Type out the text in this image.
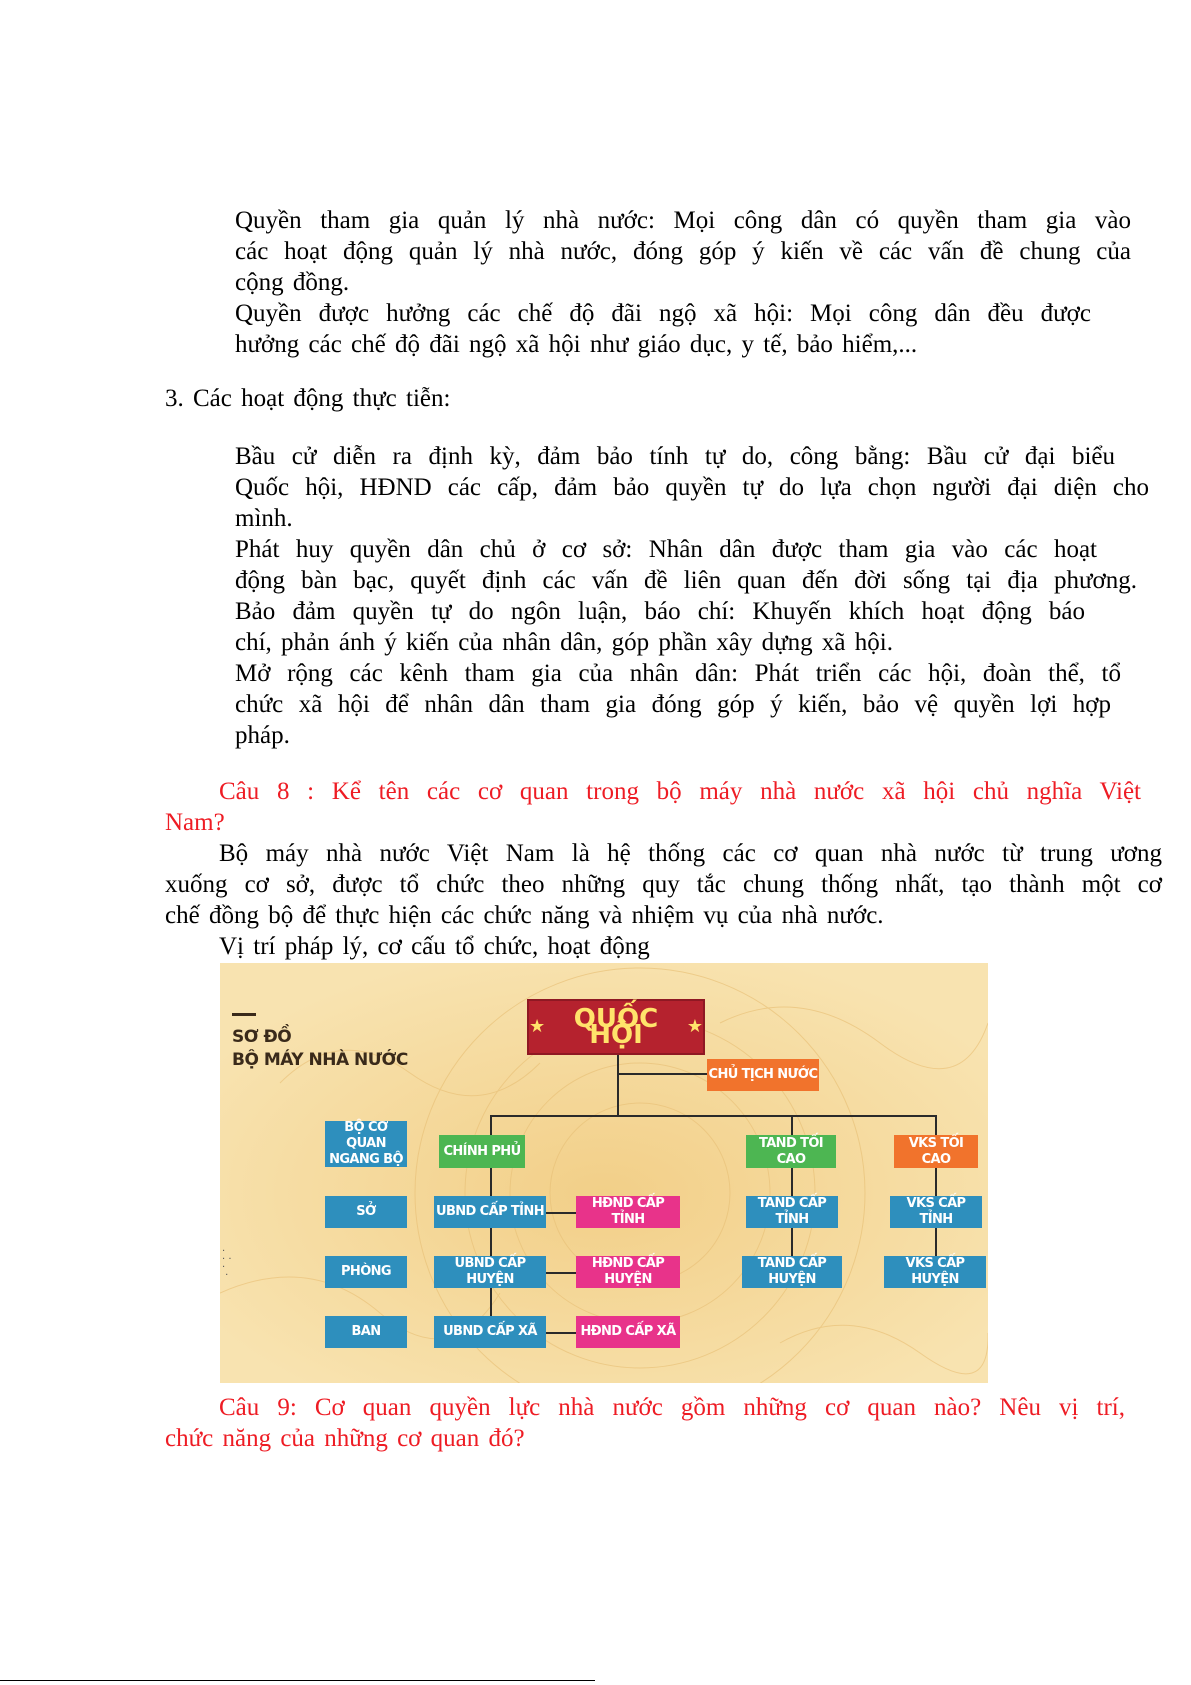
Quyền tham gia quản lý nhà nước: Mọi công dân có quyền tham gia vào
các hoạt động quản lý nhà nước, đóng góp ý kiến về các vấn đề chung của
cộng đồng.
Quyền được hưởng các chế độ đãi ngộ xã hội: Mọi công dân đều được
hưởng các chế độ đãi ngộ xã hội như giáo dục, y tế, bảo hiểm,...
3. Các hoạt động thực tiễn:
Bầu cử diễn ra định kỳ, đảm bảo tính tự do, công bằng: Bầu cử đại biểu
Quốc hội, HĐND các cấp, đảm bảo quyền tự do lựa chọn người đại diện cho
mình.
Phát huy quyền dân chủ ở cơ sở: Nhân dân được tham gia vào các hoạt
động bàn bạc, quyết định các vấn đề liên quan đến đời sống tại địa phương.
Bảo đảm quyền tự do ngôn luận, báo chí: Khuyến khích hoạt động báo
chí, phản ánh ý kiến của nhân dân, góp phần xây dựng xã hội.
Mở rộng các kênh tham gia của nhân dân: Phát triển các hội, đoàn thể, tổ
chức xã hội để nhân dân tham gia đóng góp ý kiến, bảo vệ quyền lợi hợp
pháp.
Câu 8 : Kể tên các cơ quan trong bộ máy nhà nước xã hội chủ nghĩa Việt
Nam?
Bộ máy nhà nước Việt Nam là hệ thống các cơ quan nhà nước từ trung ương
xuống cơ sở, được tổ chức theo những quy tắc chung thống nhất, tạo thành một cơ
chế đồng bộ để thực hiện các chức năng và nhiệm vụ của nhà nước.
Vị trí pháp lý, cơ cấu tổ chức, hoạt động
SƠ ĐỒ
BỘ MÁY NHÀ NƯỚC
·
· ·
·
·
★	QUỐC HỘI	★
CHỦ TỊCH NƯỚC
BỘ CƠ QUAN NGANG BỘ
SỞ
PHÒNG
BAN
CHÍNH PHỦ
UBND CẤP TỈNH
UBND CẤP HUYỆN
UBND CẤP XÃ
HĐND CẤP TỈNH
HĐND CẤP HUYỆN
HĐND CẤP XÃ
TAND TỐI CAO
TAND CẤP TỈNH
TAND CẤP HUYỆN
VKS TỐI CAO
VKS CẤP TỈNH
VKS CẤP HUYỆN
Câu 9: Cơ quan quyền lực nhà nước gồm những cơ quan nào? Nêu vị trí,
chức năng của những cơ quan đó?
